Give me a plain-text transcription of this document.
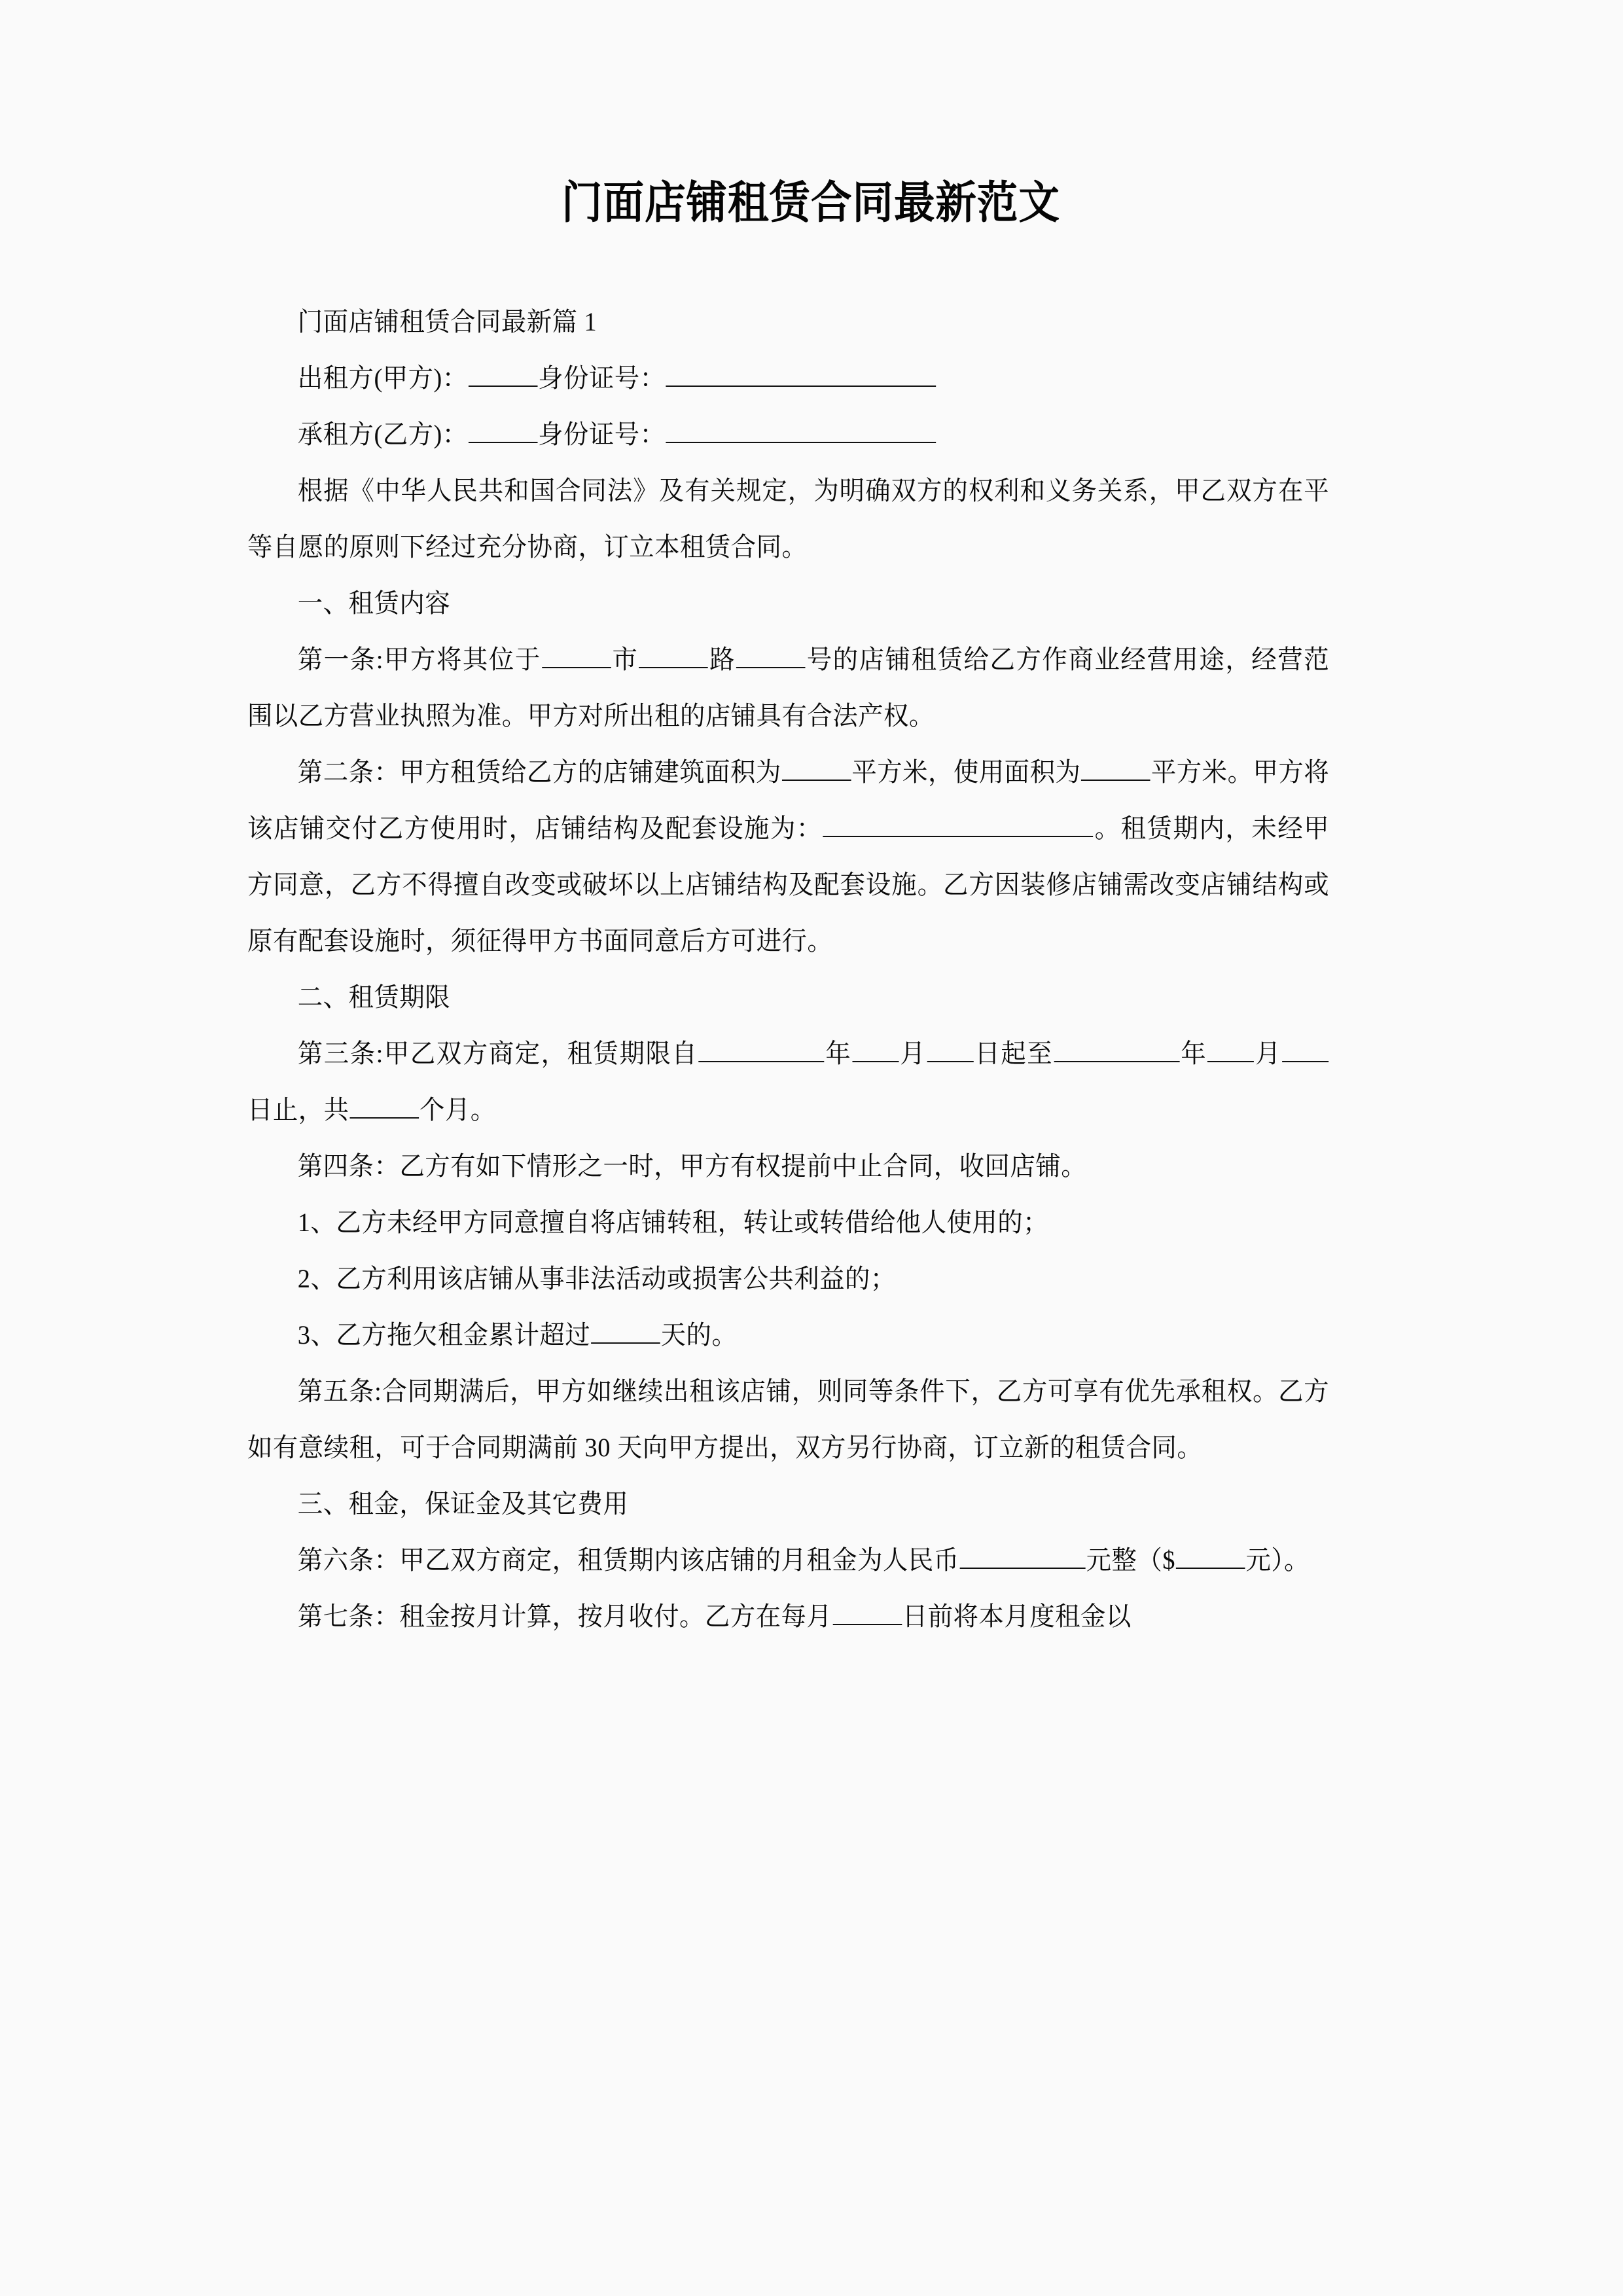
门面店铺租赁合同最新范文

门面店铺租赁合同最新篇 1

出租方(甲方)：	身份证号：

承租方(乙方)：	身份证号：

根据《中华人民共和国合同法》及有关规定，为明确双方的权利和义务关系，甲乙双方在平等自愿的原则下经过充分协商，订立本租赁合同。

一、租赁内容

第一条:甲方将其位于	市	路	号的店铺租赁给乙方作商业经营用途，经营范围以乙方营业执照为准。甲方对所出租的店铺具有合法产权。

第二条：甲方租赁给乙方的店铺建筑面积为	平方米，使用面积为	平方米。甲方将该店铺交付乙方使用时，店铺结构及配套设施为：	。租赁期内，未经甲方同意，乙方不得擅自改变或破坏以上店铺结构及配套设施。乙方因装修店铺需改变店铺结构或原有配套设施时，须征得甲方书面同意后方可进行。

二、租赁期限

第三条:甲乙双方商定，租赁期限自	年 月 日起至	年 月日止，共	个月。

第四条：乙方有如下情形之一时，甲方有权提前中止合同，收回店铺。

1、乙方未经甲方同意擅自将店铺转租，转让或转借给他人使用的；

2、乙方利用该店铺从事非法活动或损害公共利益的；

3、乙方拖欠租金累计超过	天的。

第五条:合同期满后，甲方如继续出租该店铺，则同等条件下，乙方可享有优先承租权。乙方如有意续租，可于合同期满前 30 天向甲方提出，双方另行协商，订立新的租赁合同。

三、租金，保证金及其它费用

第六条：甲乙双方商定，租赁期内该店铺的月租金为人民币	元整（$	元）。

第七条：租金按月计算，按月收付。乙方在每月	日前将本月度租金以
